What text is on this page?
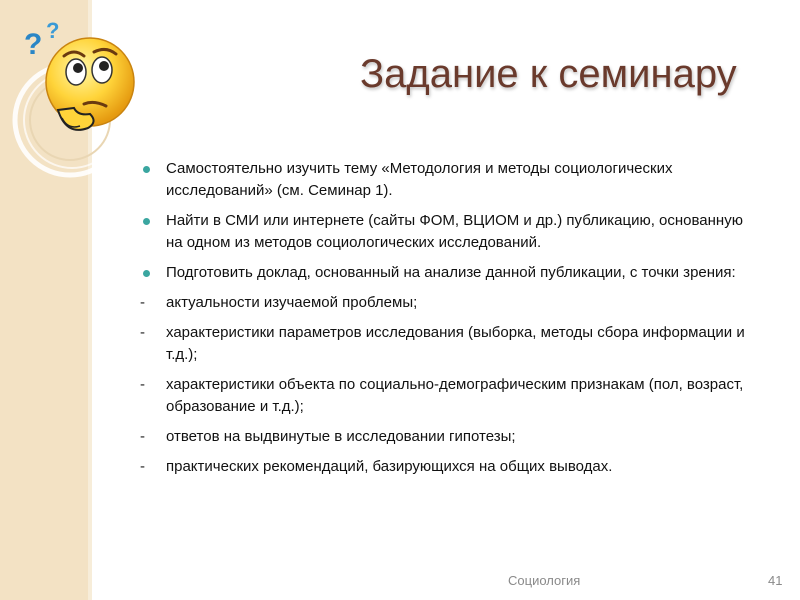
? ?
Задание к семинару
Самостоятельно изучить тему «Методология и методы социологических исследований» (см. Семинар 1).
Найти в СМИ или интернете (сайты ФОМ, ВЦИОМ и др.) публикацию, основанную на одном из методов социологических исследований.
Подготовить доклад, основанный на анализе данной публикации, с точки зрения:
-	актуальности изучаемой проблемы;
-	характеристики параметров исследования (выборка, методы сбора информации и т.д.);
-	характеристики объекта по социально-демографическим признакам (пол, возраст, образование и т.д.);
-	ответов на выдвинутые в исследовании гипотезы;
-	практических рекомендаций, базирующихся на общих выводах.
Социология	41
